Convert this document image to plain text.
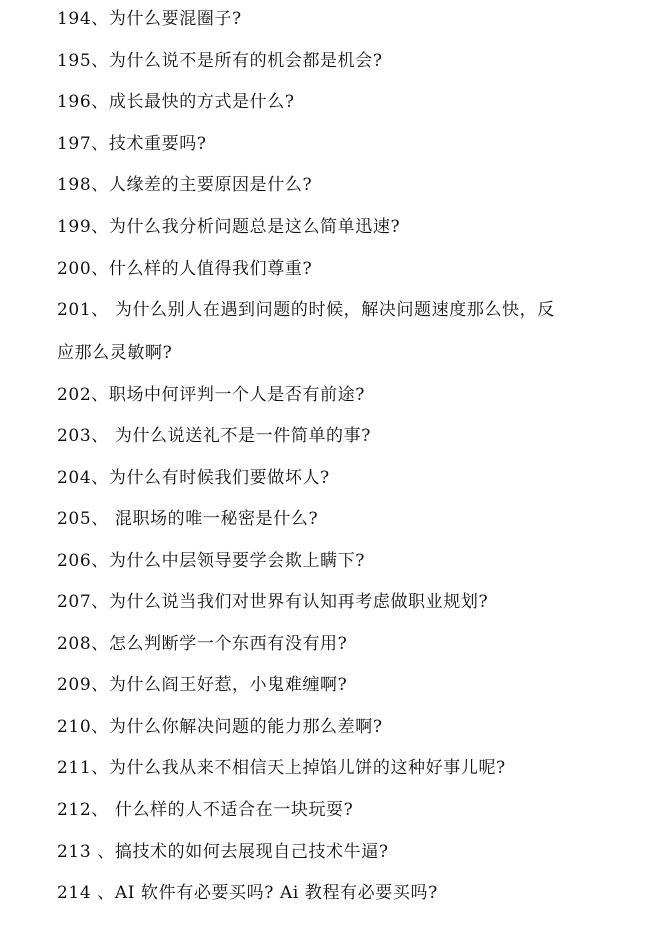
194、为什么要混圈子?
195、为什么说不是所有的机会都是机会?
196、成长最快的方式是什么?
197、技术重要吗?
198、人缘差的主要原因是什么?
199、为什么我分析问题总是这么简单迅速?
200、什么样的人值得我们尊重?
201、 为什么别人在遇到问题的时候，解决问题速度那么快，反
应那么灵敏啊?
202、职场中何评判一个人是否有前途?
203、 为什么说送礼不是一件简单的事?
204、为什么有时候我们要做坏人?
205、 混职场的唯一秘密是什么?
206、为什么中层领导要学会欺上瞒下?
207、为什么说当我们对世界有认知再考虑做职业规划?
208、怎么判断学一个东西有没有用?
209、为什么阎王好惹，小鬼难缠啊?
210、为什么你解决问题的能力那么差啊?
211、为什么我从来不相信天上掉馅儿饼的这种好事儿呢?
212、 什么样的人不适合在一块玩耍?
213 、搞技术的如何去展现自己技术牛逼?
214 、AI 软件有必要买吗? Ai 教程有必要买吗?
